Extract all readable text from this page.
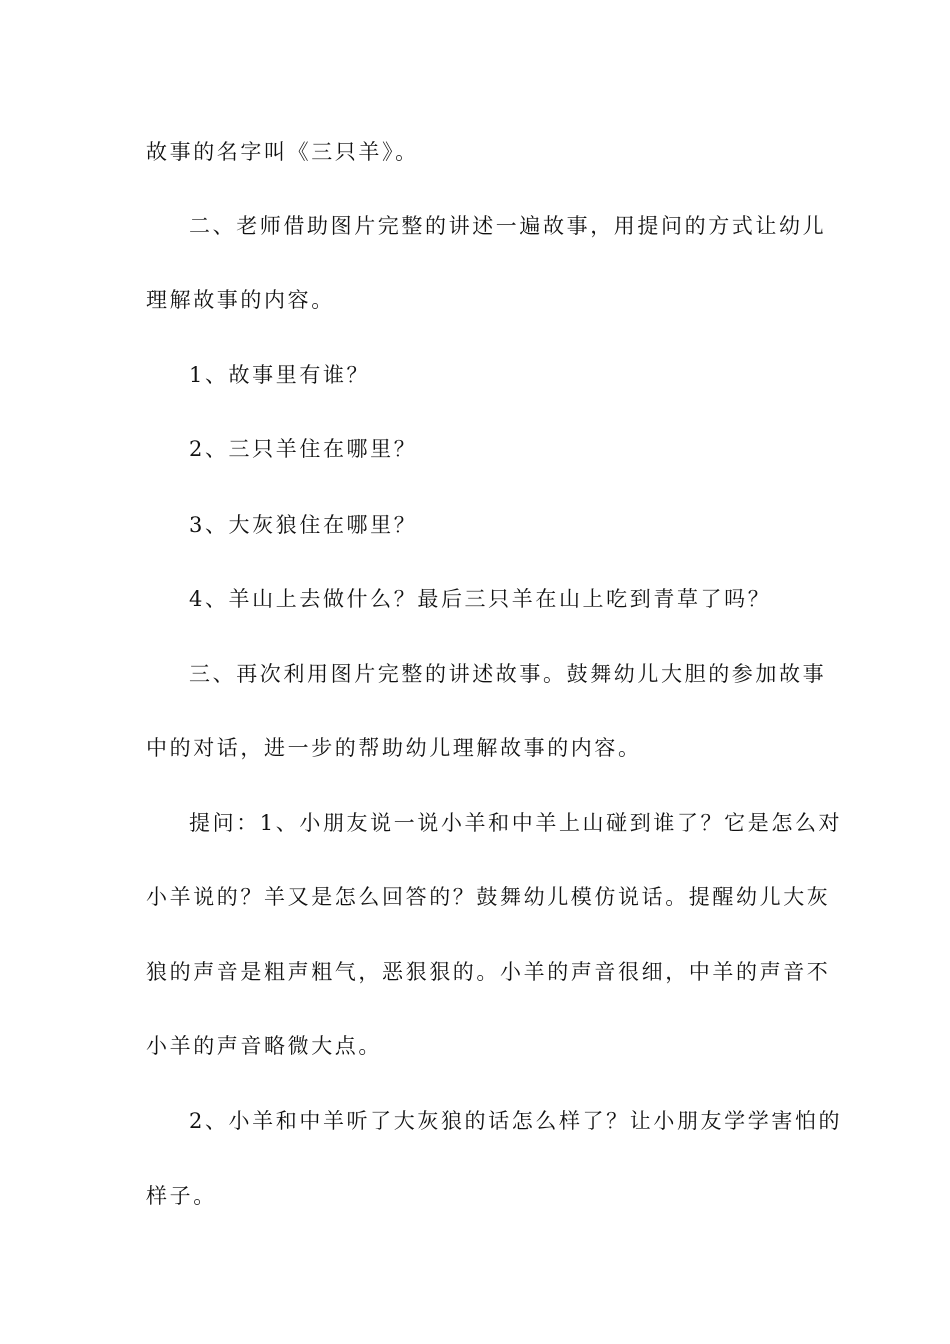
故事的名字叫《三只羊》。
二、老师借助图片完整的讲述一遍故事，用提问的方式让幼儿
理解故事的内容。
1、故事里有谁？
2、三只羊住在哪里？
3、大灰狼住在哪里？
4、羊山上去做什么？最后三只羊在山上吃到青草了吗？
三、再次利用图片完整的讲述故事。鼓舞幼儿大胆的参加故事
中的对话，进一步的帮助幼儿理解故事的内容。
提问：1、小朋友说一说小羊和中羊上山碰到谁了？它是怎么对
小羊说的？羊又是怎么回答的？鼓舞幼儿模仿说话。提醒幼儿大灰
狼的声音是粗声粗气，恶狠狠的。小羊的声音很细，中羊的声音不
小羊的声音略微大点。
2、小羊和中羊听了大灰狼的话怎么样了？让小朋友学学害怕的
样子。
